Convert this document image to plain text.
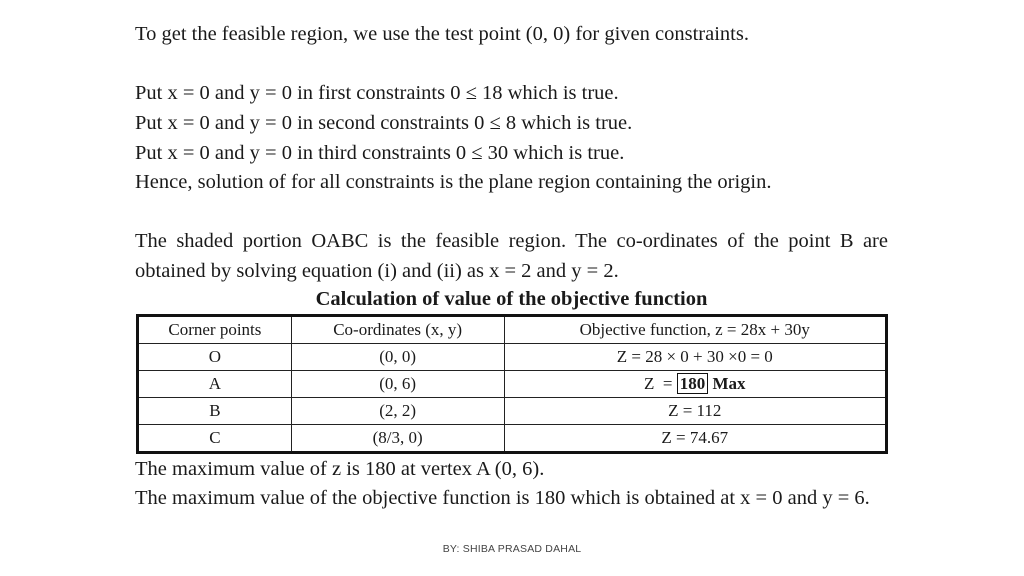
To get the feasible region, we use the test point (0, 0) for given constraints.

Put x = 0 and y = 0 in first constraints 0 ≤ 18 which is true.
Put x = 0 and y = 0 in second constraints 0 ≤ 8 which is true.
Put x = 0 and y = 0 in third constraints 0 ≤ 30 which is true.

Hence, solution of for all constraints is the plane region containing the origin.

The shaded portion OABC is the feasible region. The co-ordinates of the point B are obtained by solving equation (i) and (ii) as x = 2 and y = 2.

Calculation of value of the objective function
Corner points	Co-ordinates (x, y)	Objective function, z = 28x + 30y
O	(0, 0)	Z = 28 × 0 + 30 ×0 = 0
A	(0, 6)	Z  = 180 Max
B	(2, 2)	Z = 112
C	(8/3, 0)	Z = 74.67
The maximum value of z is 180 at vertex A (0, 6).

The maximum value of the objective function is 180 which is obtained at x = 0 and y = 6.

BY: SHIBA PRASAD DAHAL
